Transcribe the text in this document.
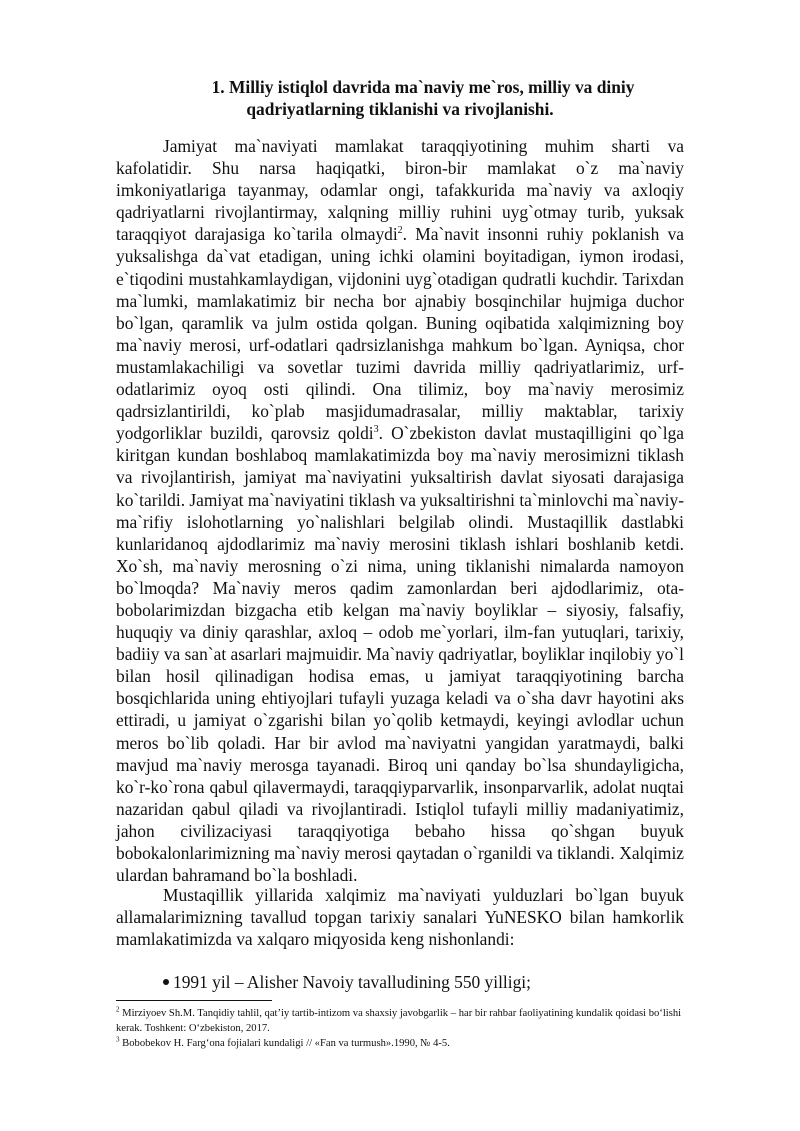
1. Milliy istiqlol davrida ma`naviy me`ros, milliy va diniy
qadriyatlarning tiklanishi va rivojlanishi.

Jamiyat ma`naviyati mamlakat taraqqiyotining muhim sharti va kafolatidir. Shu narsa haqiqatki, biron-bir mamlakat o`z ma`naviy imkoniyatlariga tayanmay, odamlar ongi, tafakkurida ma`naviy va axloqiy qadriyatlarni rivojlantirmay, xalqning milliy ruhini uyg`otmay turib, yuksak taraqqiyot darajasiga ko`tarila olmaydi$^2$. Ma`navit insonni ruhiy poklanish va yuksalishga da`vat etadigan, uning ichki olamini boyitadigan, iymon irodasi, e`tiqodini mustahkamlaydigan, vijdonini uyg`otadigan qudratli kuchdir. Tarixdan ma`lumki, mamlakatimiz bir necha bor ajnabiy bosqinchilar hujmiga duchor bo`lgan, qaramlik va julm ostida qolgan. Buning oqibatida xalqimizning boy ma`naviy merosi, urf-odatlari qadrsizlanishga mahkum bo`lgan. Ayniqsa, chor mustamlakachiligi va sovetlar tuzimi davrida milliy qadriyatlarimiz, urf-odatlarimiz oyoq osti qilindi. Ona tilimiz, boy ma`naviy merosimiz qadrsizlantirildi, ko`plab masjidumadrasalar, milliy maktablar, tarixiy yodgorliklar buzildi, qarovsiz qoldi$^3$. O`zbekiston davlat mustaqilligini qo`lga kiritgan kundan boshlaboq mamlakatimizda boy ma`naviy merosimizni tiklash va rivojlantirish, jamiyat ma`naviyatini yuksaltirish davlat siyosati darajasiga ko`tarildi. Jamiyat ma`naviyatini tiklash va yuksaltirishni ta`minlovchi ma`naviy-ma`rifiy islohotlarning yo`nalishlari belgilab olindi. Mustaqillik dastlabki kunlaridanoq ajdodlarimiz ma`naviy merosini tiklash ishlari boshlanib ketdi. Xo`sh, ma`naviy merosning o`zi nima, uning tiklanishi nimalarda namoyon bo`lmoqda? Ma`naviy meros qadim zamonlardan beri ajdodlarimiz, ota-bobolarimizdan bizgacha etib kelgan ma`naviy boyliklar – siyosiy, falsafiy, huquqiy va diniy qarashlar, axloq – odob me`yorlari, ilm-fan yutuqlari, tarixiy, badiiy va san`at asarlari majmuidir. Ma`naviy qadriyatlar, boyliklar inqilobiy yo`l bilan hosil qilinadigan hodisa emas, u jamiyat taraqqiyotining barcha bosqichlarida uning ehtiyojlari tufayli yuzaga keladi va o`sha davr hayotini aks ettiradi, u jamiyat o`zgarishi bilan yo`qolib ketmaydi, keyingi avlodlar uchun meros bo`lib qoladi. Har bir avlod ma`naviyatni yangidan yaratmaydi, balki mavjud ma`naviy merosga tayanadi. Biroq uni qanday bo`lsa shundayligicha, ko`r-ko`rona qabul qilavermaydi, taraqqiyparvarlik, insonparvarlik, adolat nuqtai nazaridan qabul qiladi va rivojlantiradi. Istiqlol tufayli milliy madaniyatimiz, jahon civilizaciyasi taraqqiyotiga bebaho hissa qo`shgan buyuk bobokalonlarimizning ma`naviy merosi qaytadan o`rganildi va tiklandi. Xalqimiz ulardan bahramand bo`la boshladi.

Mustaqillik yillarida xalqimiz ma`naviyati yulduzlari bo`lgan buyuk allamalarimizning tavallud topgan tarixiy sanalari YuNESKO bilan hamkorlik mamlakatimizda va xalqaro miqyosida keng nishonlandi:

1991 yil – Alisher Navoiy tavalludining 550 yilligi;

$^2$ Mirziyoev Sh.M. Tanqidiy tahlil, qat’iy tartib-intizom va shaxsiy javobgarlik – har bir rahbar faoliyatining kundalik qoidasi bo‘lishi kerak. Toshkent: O‘zbekiston, 2017.

$^3$ Bobobekov H. Farg‘ona fojialari kundaligi // «Fan va turmush».1990, № 4-5.
